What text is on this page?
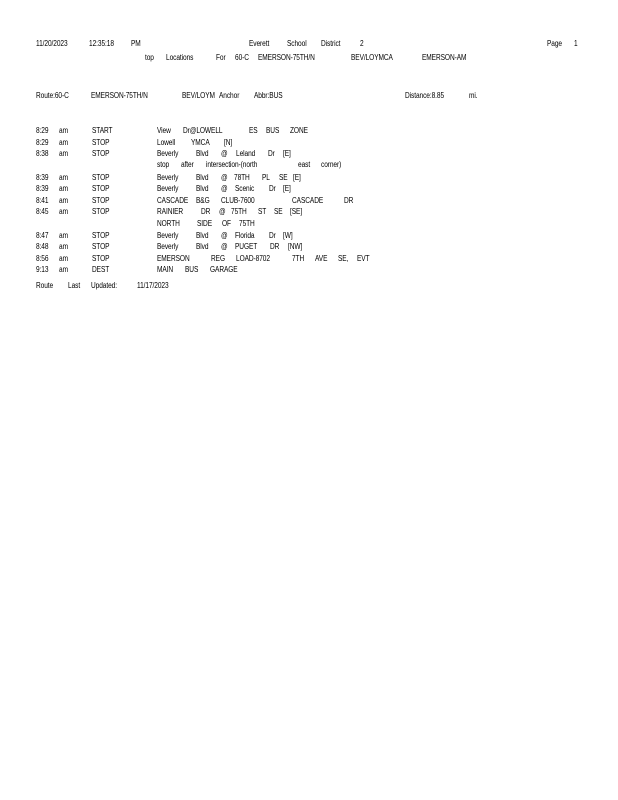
11/20/2023	12:35:18 PM	Everett School District 2	Page 1
top Locations	For 60-C EMERSON-75TH/N	BEV/LOYMCA	EMERSON-AM
Route:60-C	EMERSON-75TH/N	BEV/LOYM Anchor Abbr:BUS	Distance:8.85	mi.
8:29 am	START	View Dr@LOWELL	ES BUS ZONE
8:29 am	STOP	Lowell YMCA [N]
8:38 am	STOP	Beverly Blvd @ Leland Dr [E]
stop after intersection-(north	east corner)
8:39 am	STOP	Beverly Blvd @ 78TH PL SE [E]
8:39 am	STOP	Beverly Blvd @ Scenic Dr [E]
8:41 am	STOP	CASCADE B&G CLUB-7600	CASCADE	DR
8:45 am	STOP	RAINIER DR @ 75TH ST SE [SE]
NORTH SIDE OF 75TH
8:47 am	STOP	Beverly Blvd @ Florida Dr [W]
8:48 am	STOP	Beverly Blvd @ PUGET DR [NW]
8:56 am	STOP	EMERSON	REG LOAD-8702	7TH AVE SE, EVT
9:13 am	DEST	MAIN BUS GARAGE
Route Last Updated:	11/17/2023
